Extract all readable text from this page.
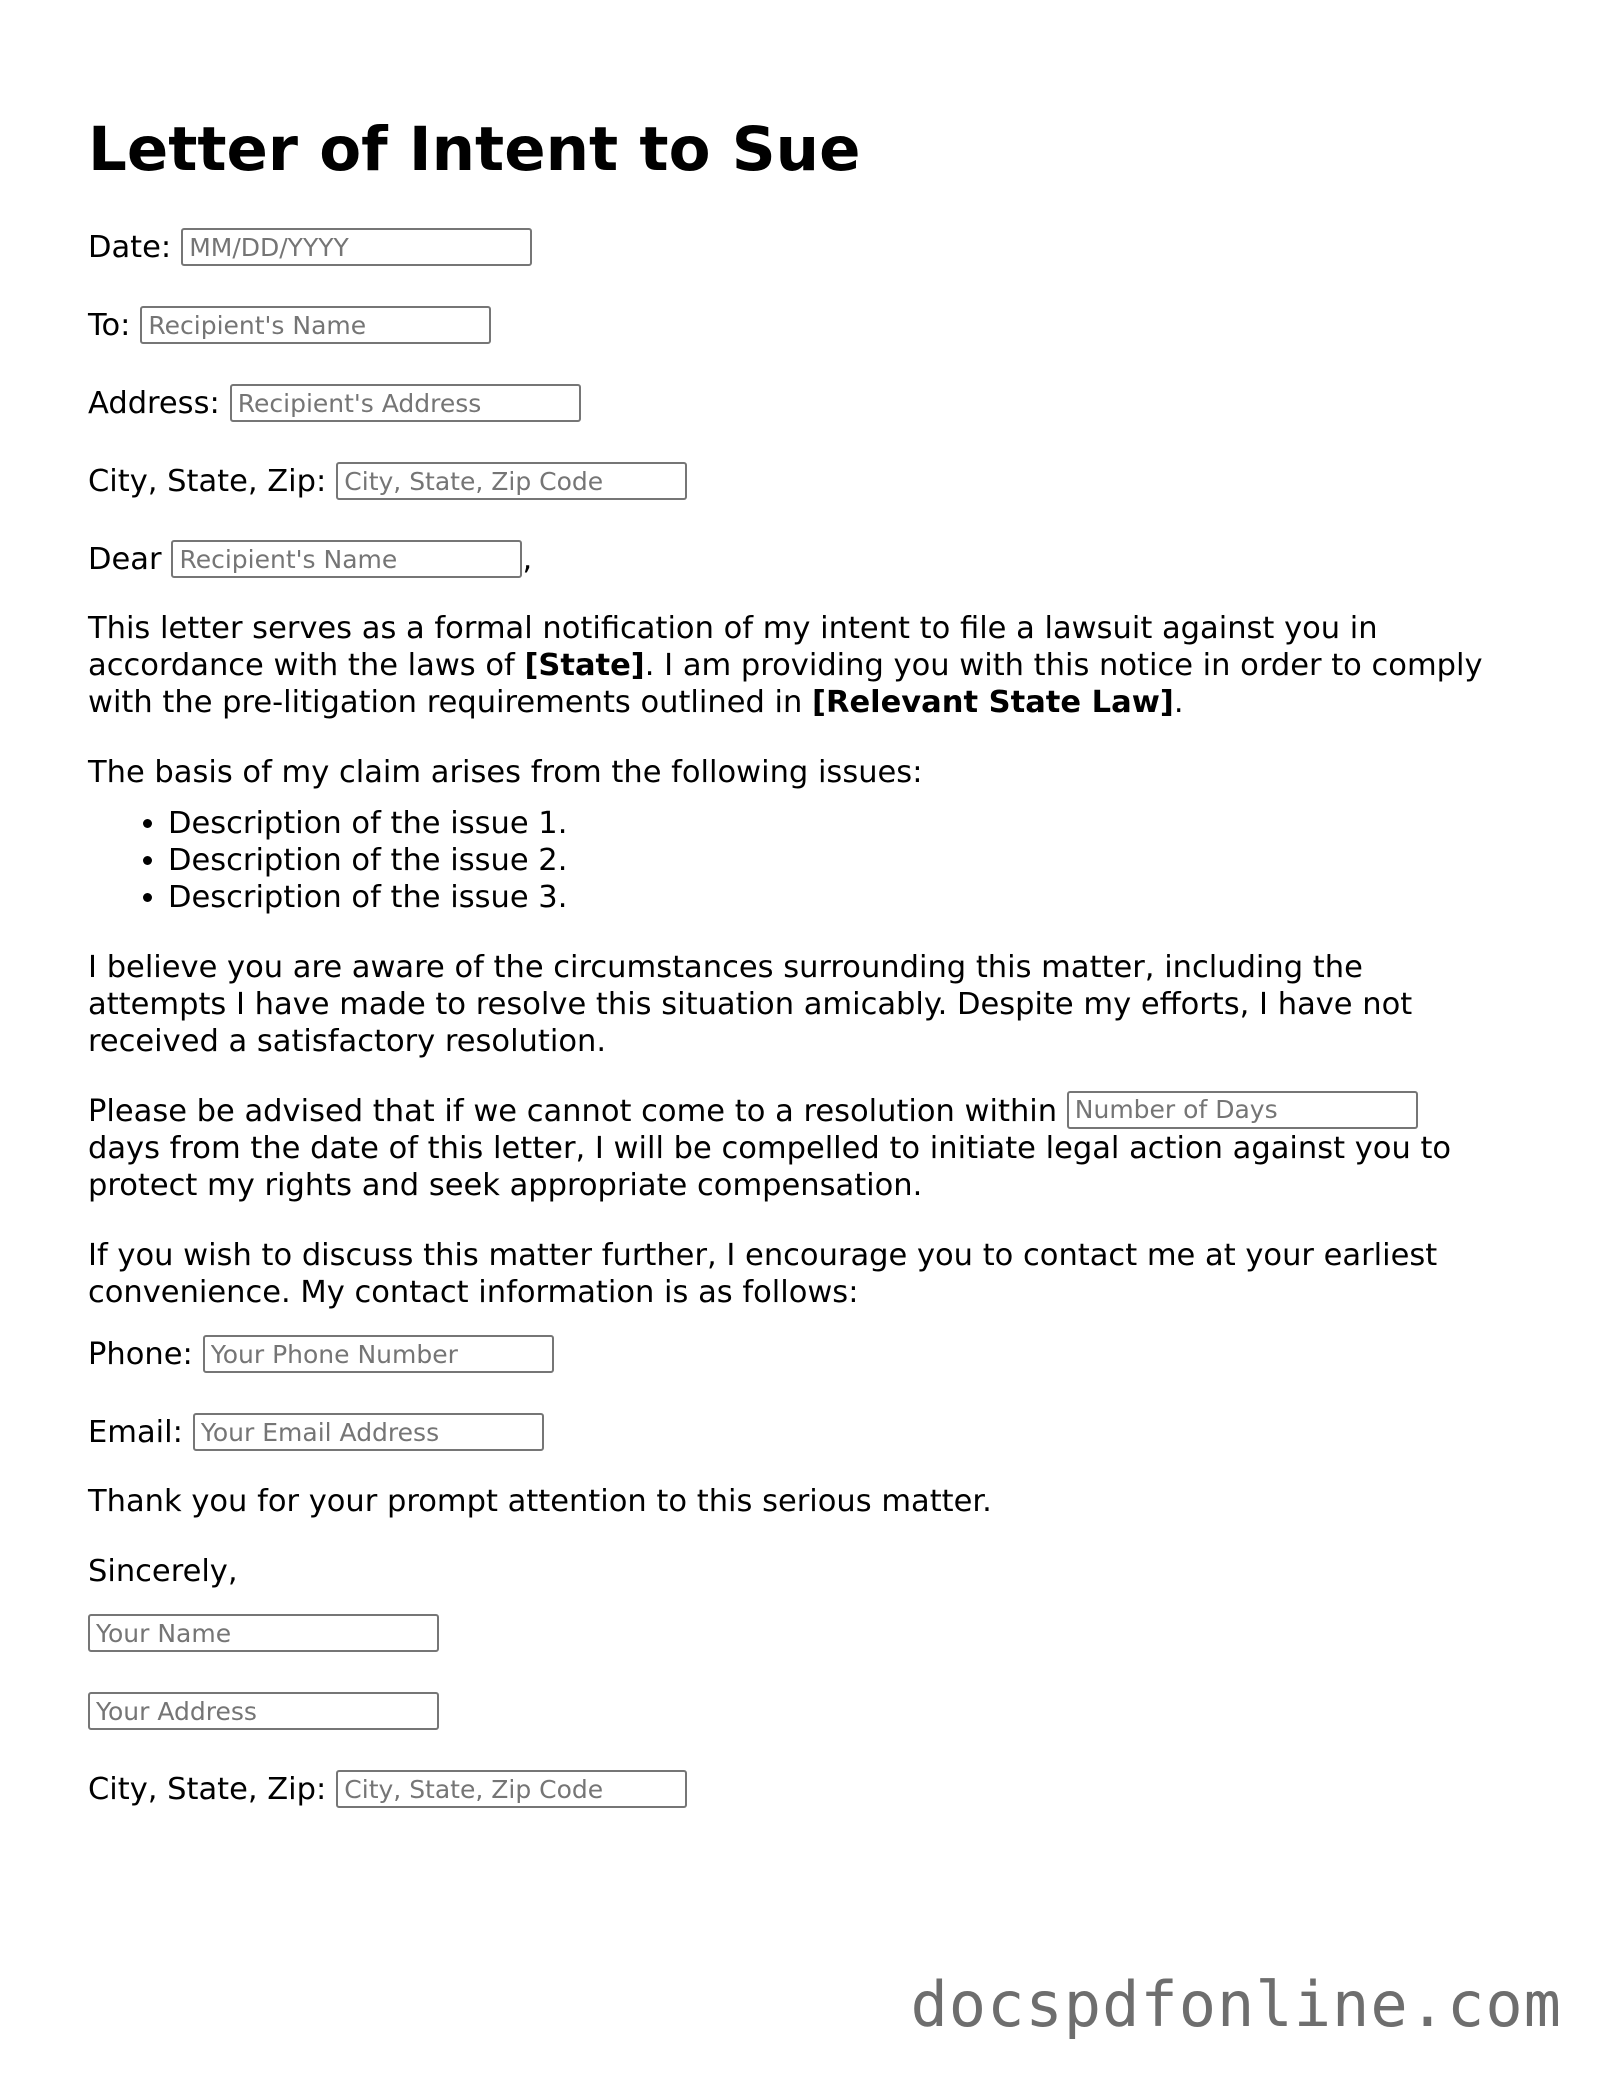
Letter of Intent to Sue
Date:
MM/DD/YYYY
To:
Recipient's Name
Address:
Recipient's Address
City, State, Zip:
City, State, Zip Code
Dear
Recipient's Name	,

This letter serves as a formal notification of my intent to file a lawsuit against you in accordance with the laws of [State]. I am providing you with this notice in order to comply with the pre-litigation requirements outlined in [Relevant State Law].

The basis of my claim arises from the following issues:

• Description of the issue 1.
• Description of the issue 2.
• Description of the issue 3.

I believe you are aware of the circumstances surrounding this matter, including the attempts I have made to resolve this situation amicably. Despite my efforts, I have not received a satisfactory resolution.

Please be advised that if we cannot come to a resolution within Number of Days
days from the date of this letter, I will be compelled to initiate legal action against you to protect my rights and seek appropriate compensation.

If you wish to discuss this matter further, I encourage you to contact me at your earliest convenience. My contact information is as follows:

Phone:
Your Phone Number
Email:
Your Email Address

Thank you for your prompt attention to this serious matter.

Sincerely,

Your Name
Your Address
City, State, Zip:
City, State, Zip Code
docspdfonline.com
